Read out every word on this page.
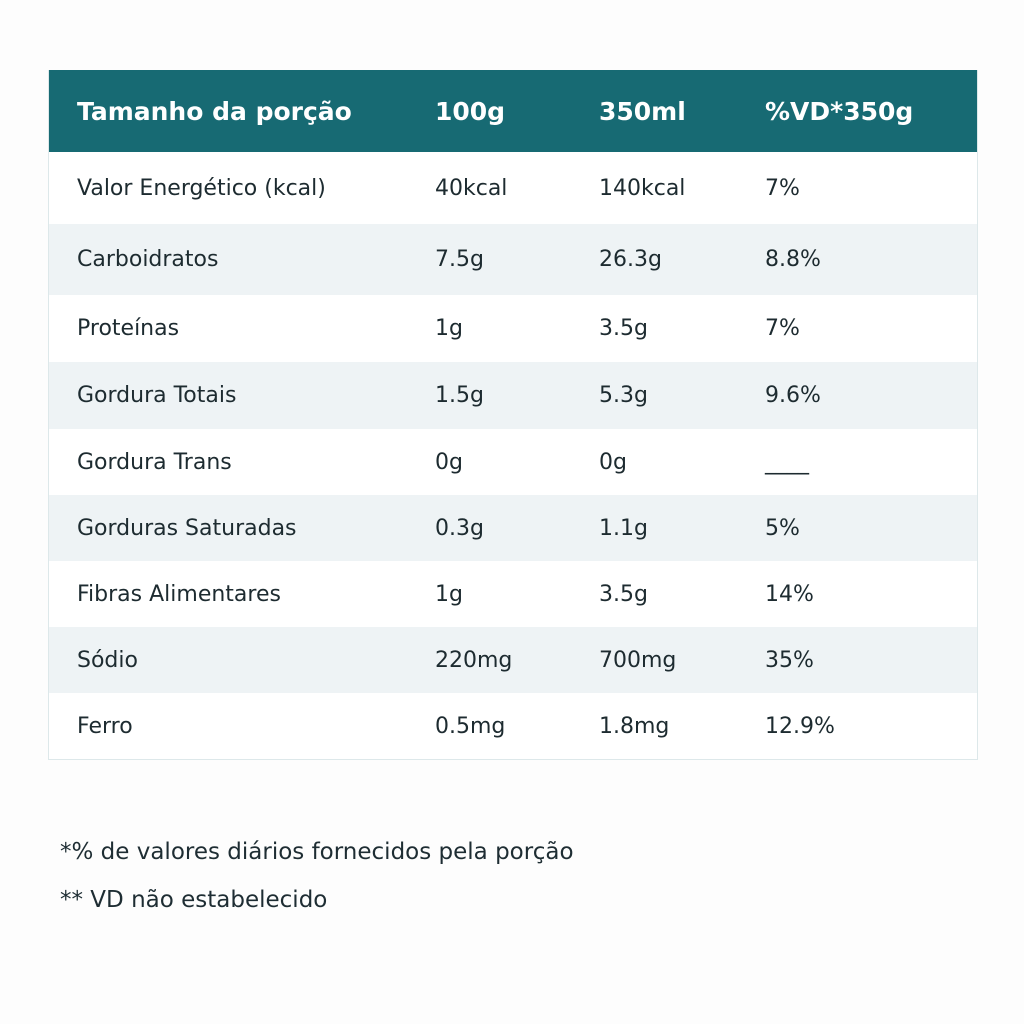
Tamanho da porção	100g	350ml	%VD*350g
Valor Energético (kcal)	40kcal	140kcal	7%
Carboidratos	7.5g	26.3g	8.8%
Proteínas	1g	3.5g	7%
Gordura Totais	1.5g	5.3g	9.6%
Gordura Trans	0g	0g	____
Gorduras Saturadas	0.3g	1.1g	5%
Fibras Alimentares	1g	3.5g	14%
Sódio	220mg	700mg	35%
Ferro	0.5mg	1.8mg	12.9%
*% de valores diários fornecidos pela porção
** VD não estabelecido
